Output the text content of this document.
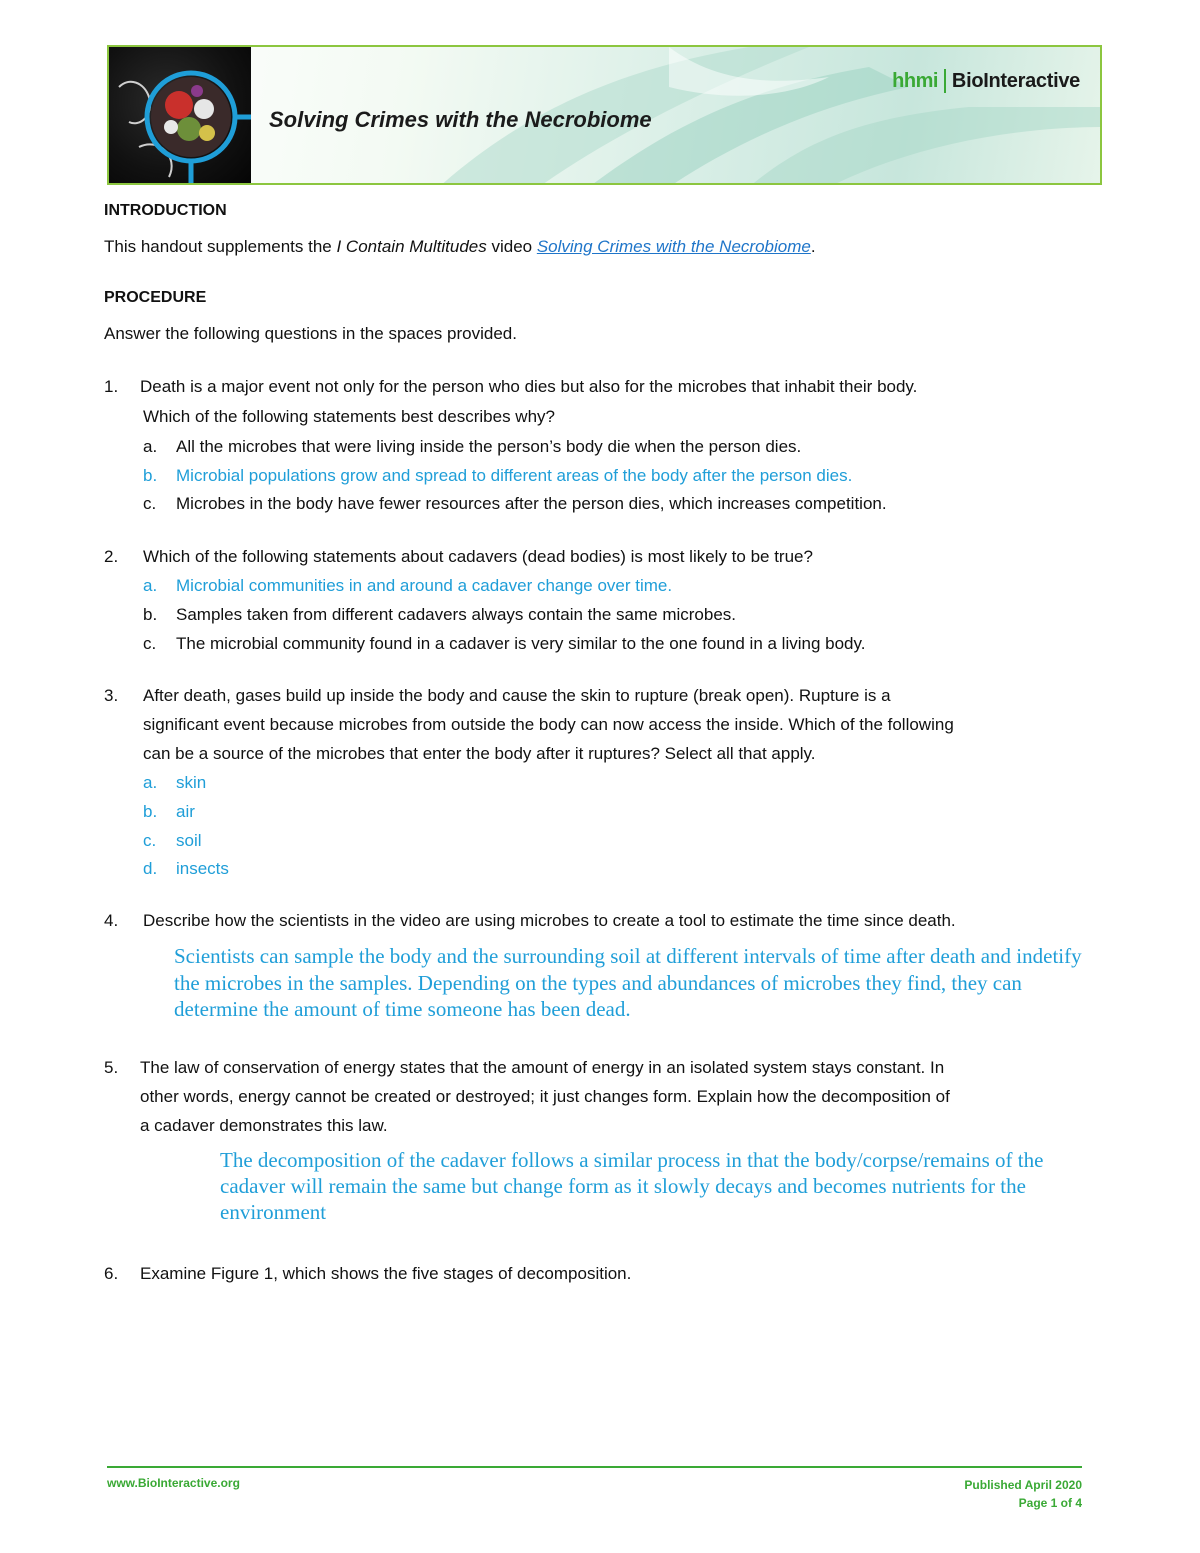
Solving Crimes with the Necrobiome
hhmi BioInteractive
INTRODUCTION
This handout supplements the I Contain Multitudes video Solving Crimes with the Necrobiome.
PROCEDURE
Answer the following questions in the spaces provided.
1. Death is a major event not only for the person who dies but also for the microbes that inhabit their body.
Which of the following statements best describes why?
a. All the microbes that were living inside the person’s body die when the person dies.
b. Microbial populations grow and spread to different areas of the body after the person dies.
c. Microbes in the body have fewer resources after the person dies, which increases competition.
2. Which of the following statements about cadavers (dead bodies) is most likely to be true?
a. Microbial communities in and around a cadaver change over time.
b. Samples taken from different cadavers always contain the same microbes.
c. The microbial community found in a cadaver is very similar to the one found in a living body.
3. After death, gases build up inside the body and cause the skin to rupture (break open). Rupture is a
significant event because microbes from outside the body can now access the inside. Which of the following
can be a source of the microbes that enter the body after it ruptures? Select all that apply.
a. skin
b. air
c. soil
d. insects
4. Describe how the scientists in the video are using microbes to create a tool to estimate the time since death.
Scientists can sample the body and the surrounding soil at different intervals of time after death and indetify
the microbes in the samples. Depending on the types and abundances of microbes they find, they can
determine the amount of time someone has been dead.
5. The law of conservation of energy states that the amount of energy in an isolated system stays constant. In
other words, energy cannot be created or destroyed; it just changes form. Explain how the decomposition of
a cadaver demonstrates this law.
The decomposition of the cadaver follows a similar process in that the body/corpse/remains of the
cadaver will remain the same but change form as it slowly decays and becomes nutrients for the
environment
6. Examine Figure 1, which shows the five stages of decomposition.
www.BioInteractive.org	Published April 2020
Page 1 of 4
